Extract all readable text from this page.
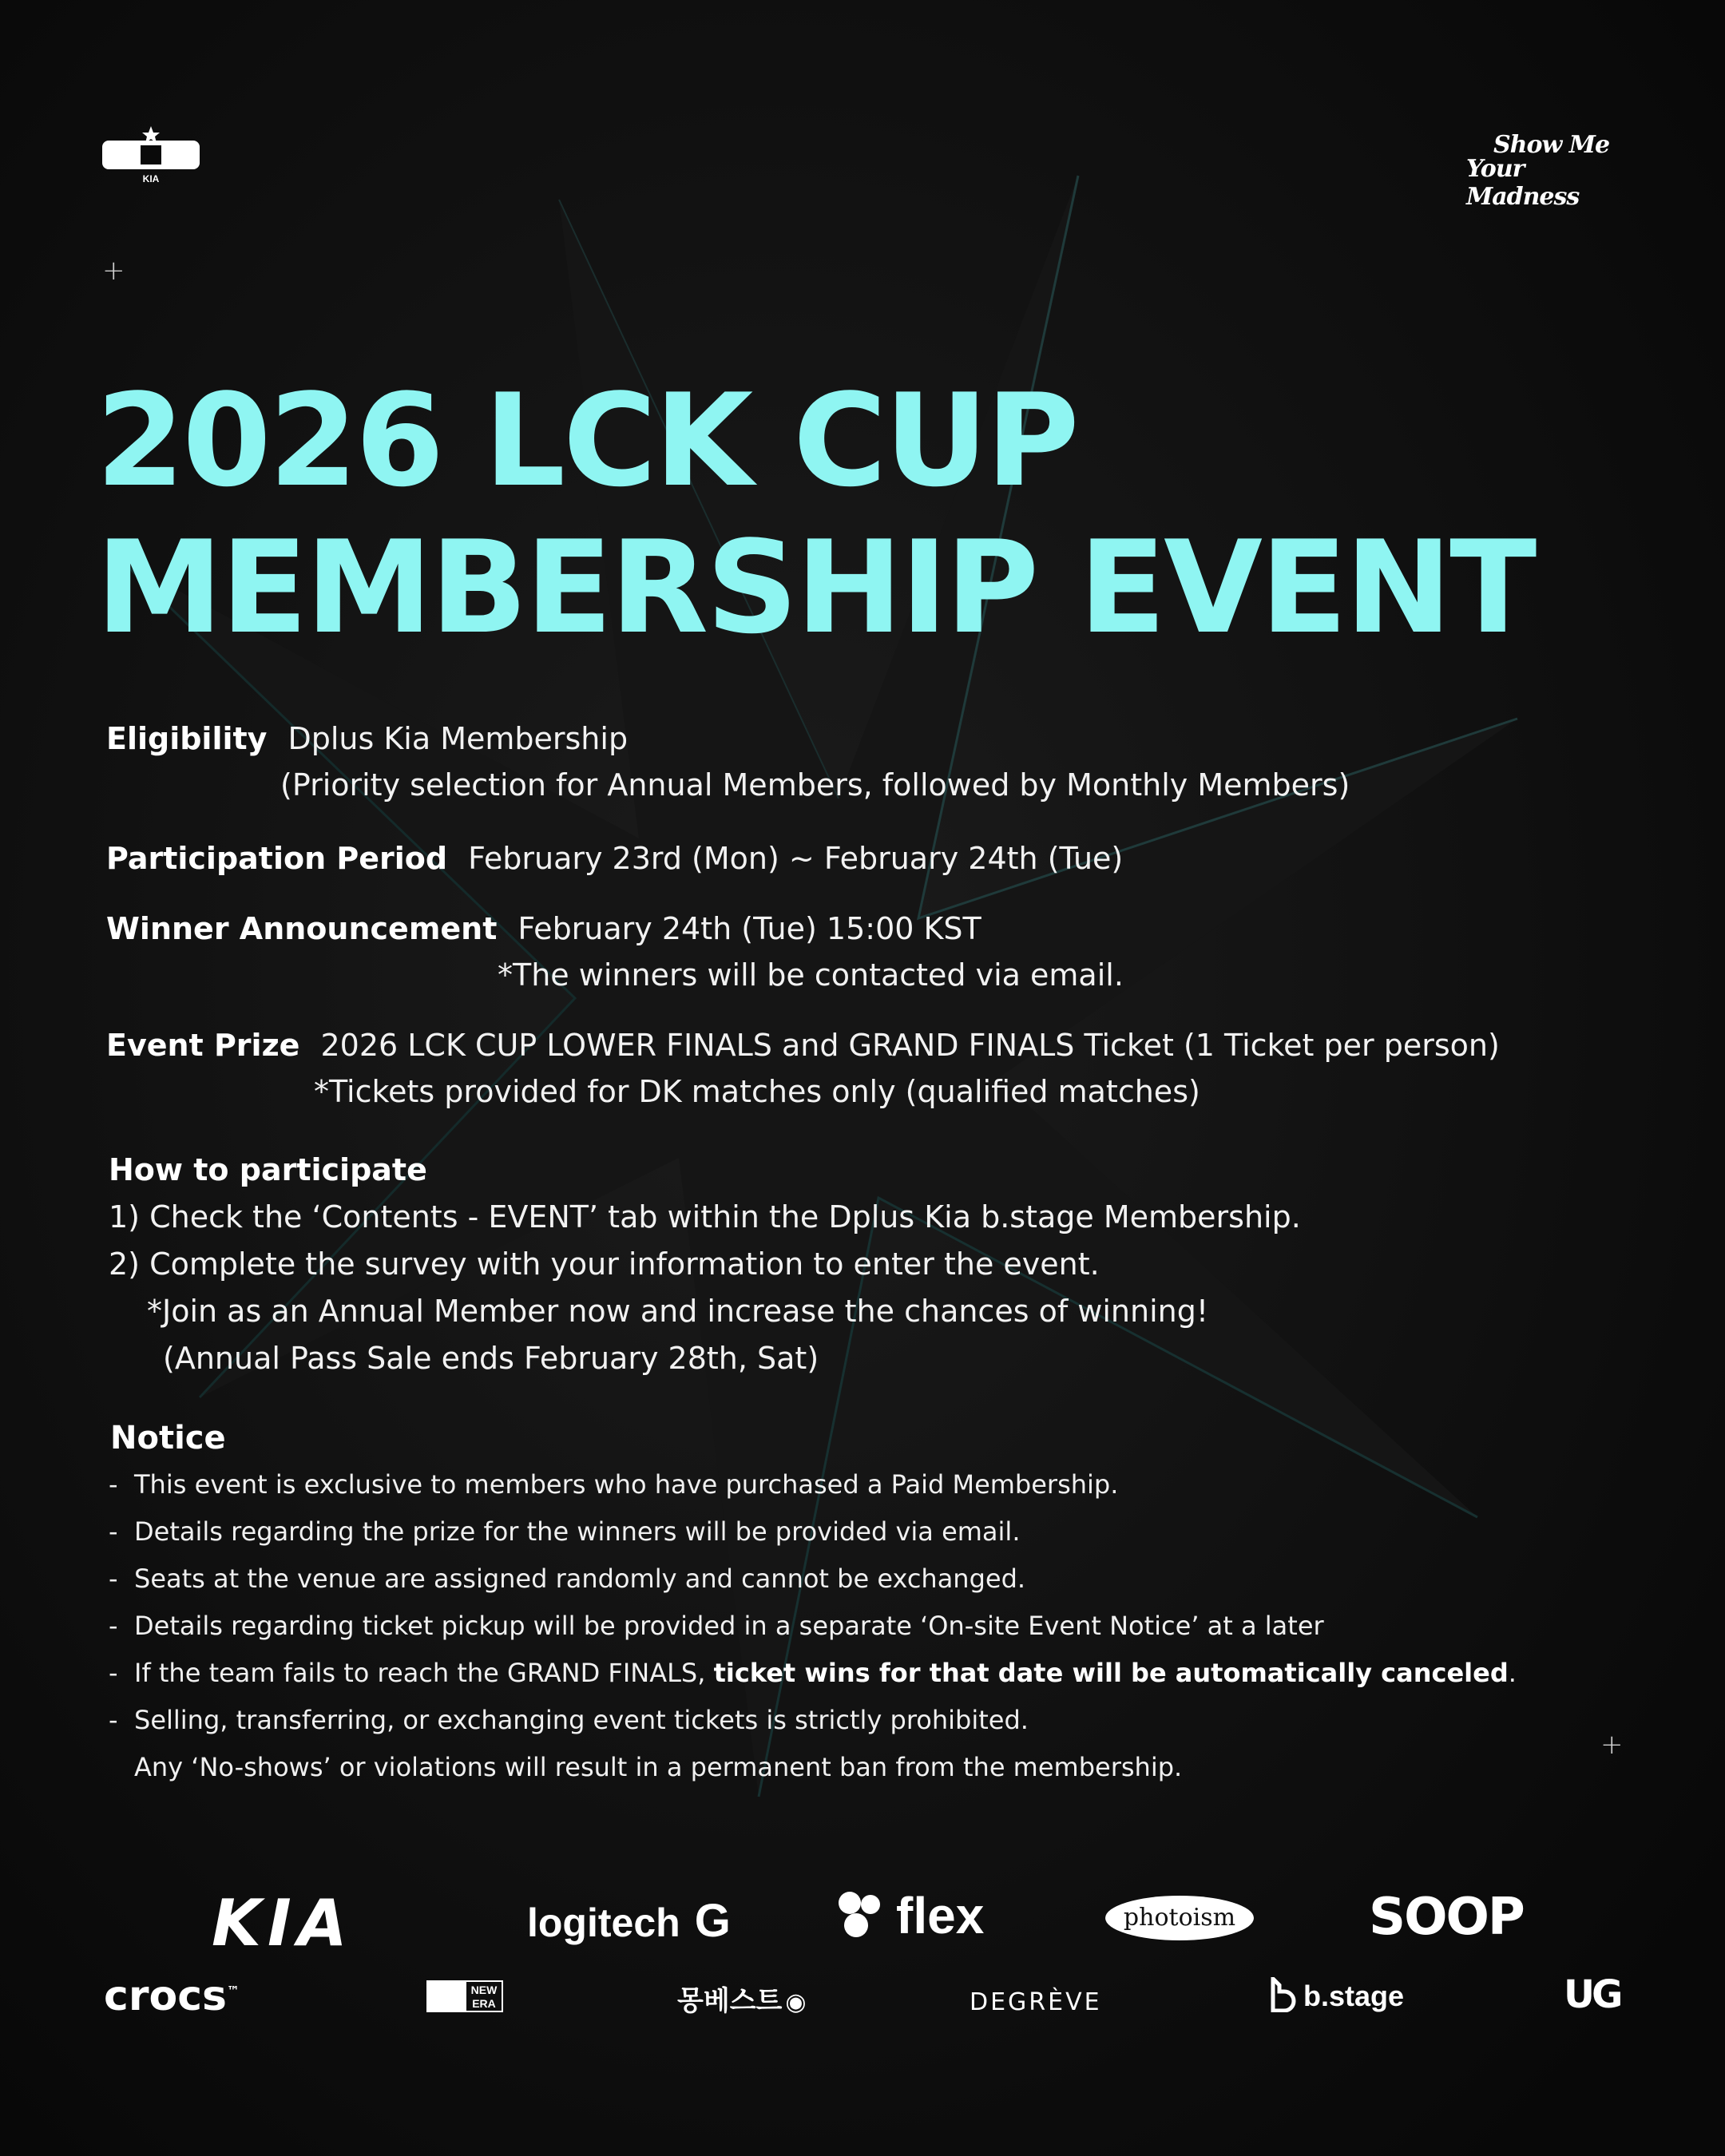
KIA
Show Me
Your Madness
+
+
2026 LCK CUP
MEMBERSHIP EVENT
Eligibility Dplus Kia Membership
(Priority selection for Annual Members, followed by Monthly Members)
Participation Period February 23rd (Mon) ~ February 24th (Tue)
Winner Announcement February 24th (Tue) 15:00 KST
*The winners will be contacted via email.
Event Prize 2026 LCK CUP LOWER FINALS and GRAND FINALS Ticket (1 Ticket per person)
*Tickets provided for DK matches only (qualified matches)
How to participate
1) Check the ‘Contents - EVENT’ tab within the Dplus Kia b.stage Membership.
2) Complete the survey with your information to enter the event.
*Join as an Annual Member now and increase the chances of winning!
(Annual Pass Sale ends February 28th, Sat)
Notice
- This event is exclusive to members who have purchased a Paid Membership.
- Details regarding the prize for the winners will be provided via email.
- Seats at the venue are assigned randomly and cannot be exchanged.
- Details regarding ticket pickup will be provided in a separate ‘On-site Event Notice’ at a later
- If the team fails to reach the GRAND FINALS, ticket wins for that date will be automatically canceled.
- Selling, transferring, or exchanging event tickets is strictly prohibited.
Any ‘No-shows’ or violations will result in a permanent ban from the membership.
KIA	logitech G	flex	photoism	SOOP
crocs™	NEW
ERA	몽베스트 ◉	DEGRÈVE	b.stage	UG
